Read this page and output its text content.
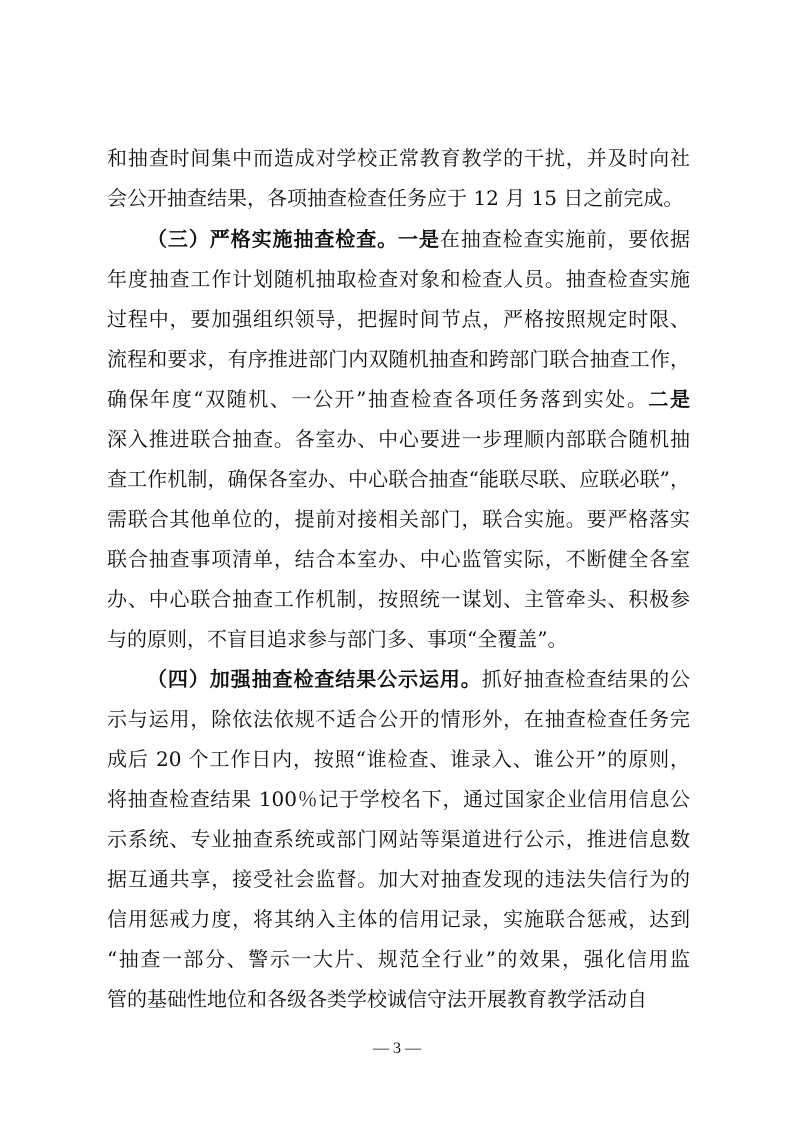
和抽查时间集中而造成对学校正常教育教学的干扰，并及时向社
会公开抽查结果，各项抽查检查任务应于 12 月 15 日之前完成。
（三）严格实施抽查检查。一是在抽查检查实施前，要依据
年度抽查工作计划随机抽取检查对象和检查人员。抽查检查实施
过程中，要加强组织领导，把握时间节点，严格按照规定时限、
流程和要求，有序推进部门内双随机抽查和跨部门联合抽查工作，
确保年度“双随机、一公开”抽查检查各项任务落到实处。二是
深入推进联合抽查。各室办、中心要进一步理顺内部联合随机抽
查工作机制，确保各室办、中心联合抽查“能联尽联、应联必联”，
需联合其他单位的，提前对接相关部门，联合实施。要严格落实
联合抽查事项清单，结合本室办、中心监管实际，不断健全各室
办、中心联合抽查工作机制，按照统一谋划、主管牵头、积极参
与的原则，不盲目追求参与部门多、事项“全覆盖”。
（四）加强抽查检查结果公示运用。抓好抽查检查结果的公
示与运用，除依法依规不适合公开的情形外，在抽查检查任务完
成后 20 个工作日内，按照“谁检查、谁录入、谁公开”的原则，
将抽查检查结果 100％记于学校名下，通过国家企业信用信息公
示系统、专业抽查系统或部门网站等渠道进行公示，推进信息数
据互通共享，接受社会监督。加大对抽查发现的违法失信行为的
信用惩戒力度，将其纳入主体的信用记录，实施联合惩戒，达到
“抽查一部分、警示一大片、规范全行业”的效果，强化信用监
管的基础性地位和各级各类学校诚信守法开展教育教学活动自
— 3 —
